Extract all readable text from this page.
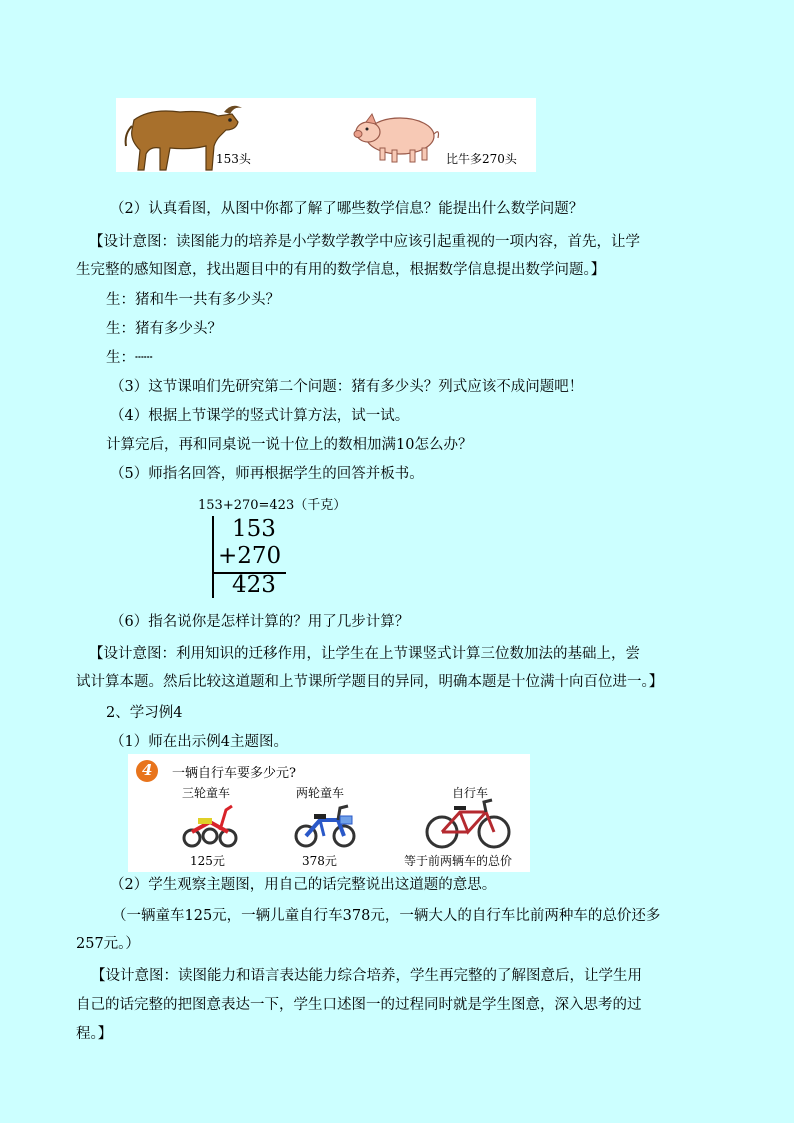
153头	比牛多270头
（2）认真看图，从图中你都了解了哪些数学信息？能提出什么数学问题？
【设计意图：读图能力的培养是小学数学教学中应该引起重视的一项内容，首先，让学
生完整的感知图意，找出题目中的有用的数学信息，根据数学信息提出数学问题。】
生：猪和牛一共有多少头？
生：猪有多少头？
生：┄┄
（3）这节课咱们先研究第二个问题：猪有多少头？列式应该不成问题吧！
（4）根据上节课学的竖式计算方法，试一试。
计算完后，再和同桌说一说十位上的数相加满10怎么办？
（5）师指名回答，师再根据学生的回答并板书。
153+270=423（千克）
153
+270
423
（6）指名说你是怎样计算的？用了几步计算？
【设计意图：利用知识的迁移作用，让学生在上节课竖式计算三位数加法的基础上，尝
试计算本题。然后比较这道题和上节课所学题目的异同，明确本题是十位满十向百位进一。】
2、学习例4
（1）师在出示例4主题图。
4 一辆自行车要多少元?
三轮童车
125元
两轮童车
378元
自行车
等于前两辆车的总价
（2）学生观察主题图，用自己的话完整说出这道题的意思。
（一辆童车125元，一辆儿童自行车378元，一辆大人的自行车比前两种车的总价还多
257元。）
【设计意图：读图能力和语言表达能力综合培养，学生再完整的了解图意后，让学生用
自己的话完整的把图意表达一下，学生口述图一的过程同时就是学生图意，深入思考的过
程。】
